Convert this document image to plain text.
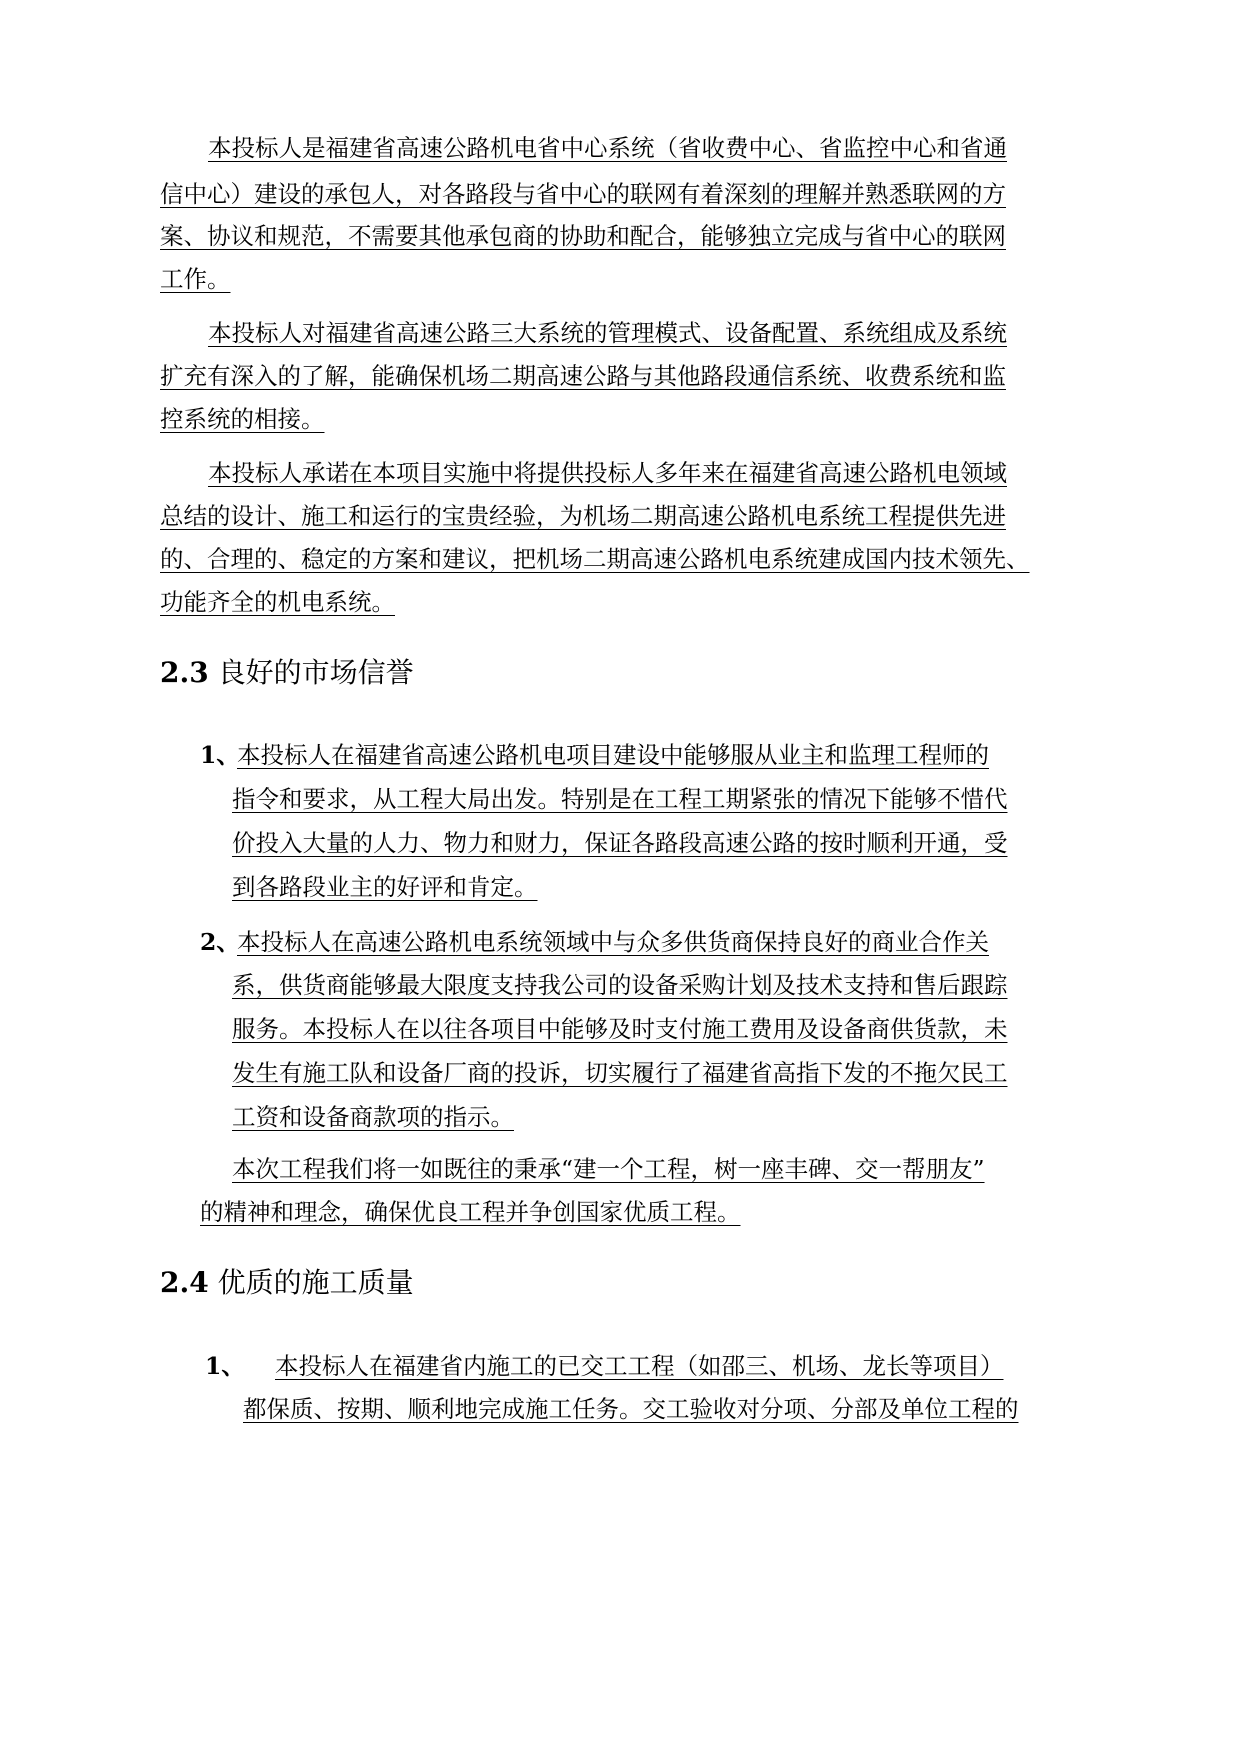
本投标人是福建省高速公路机电省中心系统（省收费中心、省监控中心和省通
信中心）建设的承包人，对各路段与省中心的联网有着深刻的理解并熟悉联网的方
案、协议和规范，不需要其他承包商的协助和配合，能够独立完成与省中心的联网
工作。
本投标人对福建省高速公路三大系统的管理模式、设备配置、系统组成及系统
扩充有深入的了解，能确保机场二期高速公路与其他路段通信系统、收费系统和监
控系统的相接。
本投标人承诺在本项目实施中将提供投标人多年来在福建省高速公路机电领域
总结的设计、施工和运行的宝贵经验，为机场二期高速公路机电系统工程提供先进
的、合理的、稳定的方案和建议，把机场二期高速公路机电系统建成国内技术领先、
功能齐全的机电系统。
2.3 良好的市场信誉
1、
本投标人在福建省高速公路机电项目建设中能够服从业主和监理工程师的
指令和要求，从工程大局出发。特别是在工程工期紧张的情况下能够不惜代
价投入大量的人力、物力和财力，保证各路段高速公路的按时顺利开通，受
到各路段业主的好评和肯定。
2、
本投标人在高速公路机电系统领域中与众多供货商保持良好的商业合作关
系，供货商能够最大限度支持我公司的设备采购计划及技术支持和售后跟踪
服务。本投标人在以往各项目中能够及时支付施工费用及设备商供货款，未
发生有施工队和设备厂商的投诉，切实履行了福建省高指下发的不拖欠民工
工资和设备商款项的指示。
本次工程我们将一如既往的秉承“建一个工程，树一座丰碑、交一帮朋友”
的精神和理念，确保优良工程并争创国家优质工程。
2.4 优质的施工质量
1、 本投标人在福建省内施工的已交工工程（如邵三、机场、龙长等项目）
都保质、按期、顺利地完成施工任务。交工验收对分项、分部及单位工程的
